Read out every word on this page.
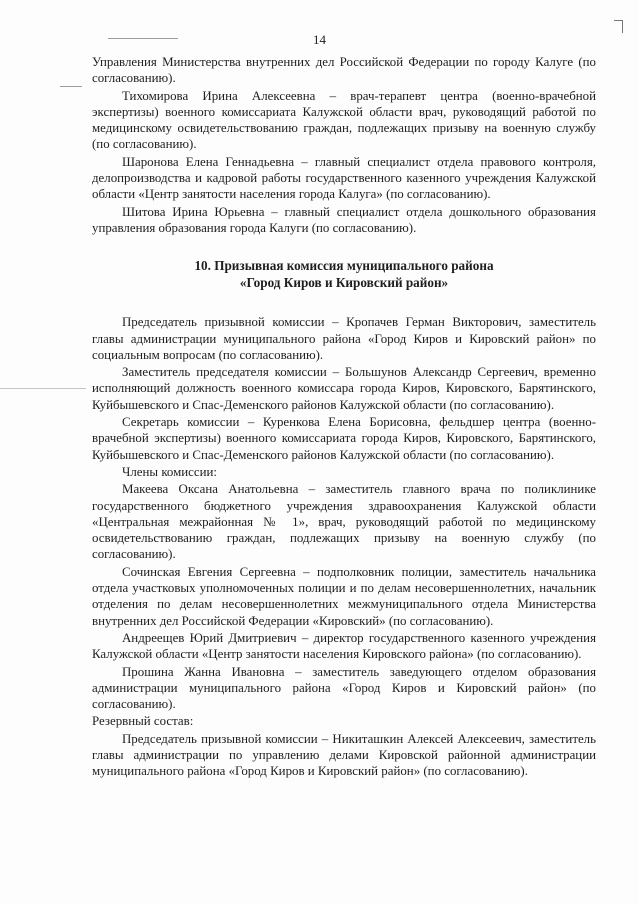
14

Управления Министерства внутренних дел Российской Федерации по городу Калуге (по согласованию).

Тихомирова Ирина Алексеевна – врач-терапевт центра (военно-врачебной экспертизы) военного комиссариата Калужской области врач, руководящий работой по медицинскому освидетельствованию граждан, подлежащих призыву на военную службу (по согласованию).

Шаронова Елена Геннадьевна – главный специалист отдела правового контроля, делопроизводства и кадровой работы государственного казенного учреждения Калужской области «Центр занятости населения города Калуга» (по согласованию).

Шитова Ирина Юрьевна – главный специалист отдела дошкольного образования управления образования города Калуги (по согласованию).

10. Призывная комиссия муниципального района
«Город Киров и Кировский район»

Председатель призывной комиссии – Кропачев Герман Викторович, заместитель главы администрации муниципального района «Город Киров и Кировский район» по социальным вопросам (по согласованию).

Заместитель председателя комиссии – Большунов Александр Сергеевич, временно исполняющий должность военного комиссара города Киров, Кировского, Барятинского, Куйбышевского и Спас-Деменского районов Калужской области (по согласованию).

Секретарь комиссии – Куренкова Елена Борисовна, фельдшер центра (военно-врачебной экспертизы) военного комиссариата города Киров, Кировского, Барятинского, Куйбышевского и Спас-Деменского районов Калужской области (по согласованию).

Члены комиссии:

Макеева Оксана Анатольевна – заместитель главного врача по поликлинике государственного бюджетного учреждения здравоохранения Калужской области «Центральная межрайонная № 1», врач, руководящий работой по медицинскому освидетельствованию граждан, подлежащих призыву на военную службу (по согласованию).

Сочинская Евгения Сергеевна – подполковник полиции, заместитель начальника отдела участковых уполномоченных полиции и по делам несовершеннолетних, начальник отделения по делам несовершеннолетних межмуниципального отдела Министерства внутренних дел Российской Федерации «Кировский» (по согласованию).

Андреещев Юрий Дмитриевич – директор государственного казенного учреждения Калужской области «Центр занятости населения Кировского района» (по согласованию).

Прошина Жанна Ивановна – заместитель заведующего отделом образования администрации муниципального района «Город Киров и Кировский район» (по согласованию).

Резервный состав:

Председатель призывной комиссии – Никиташкин Алексей Алексеевич, заместитель главы администрации по управлению делами Кировской районной администрации муниципального района «Город Киров и Кировский район» (по согласованию).
